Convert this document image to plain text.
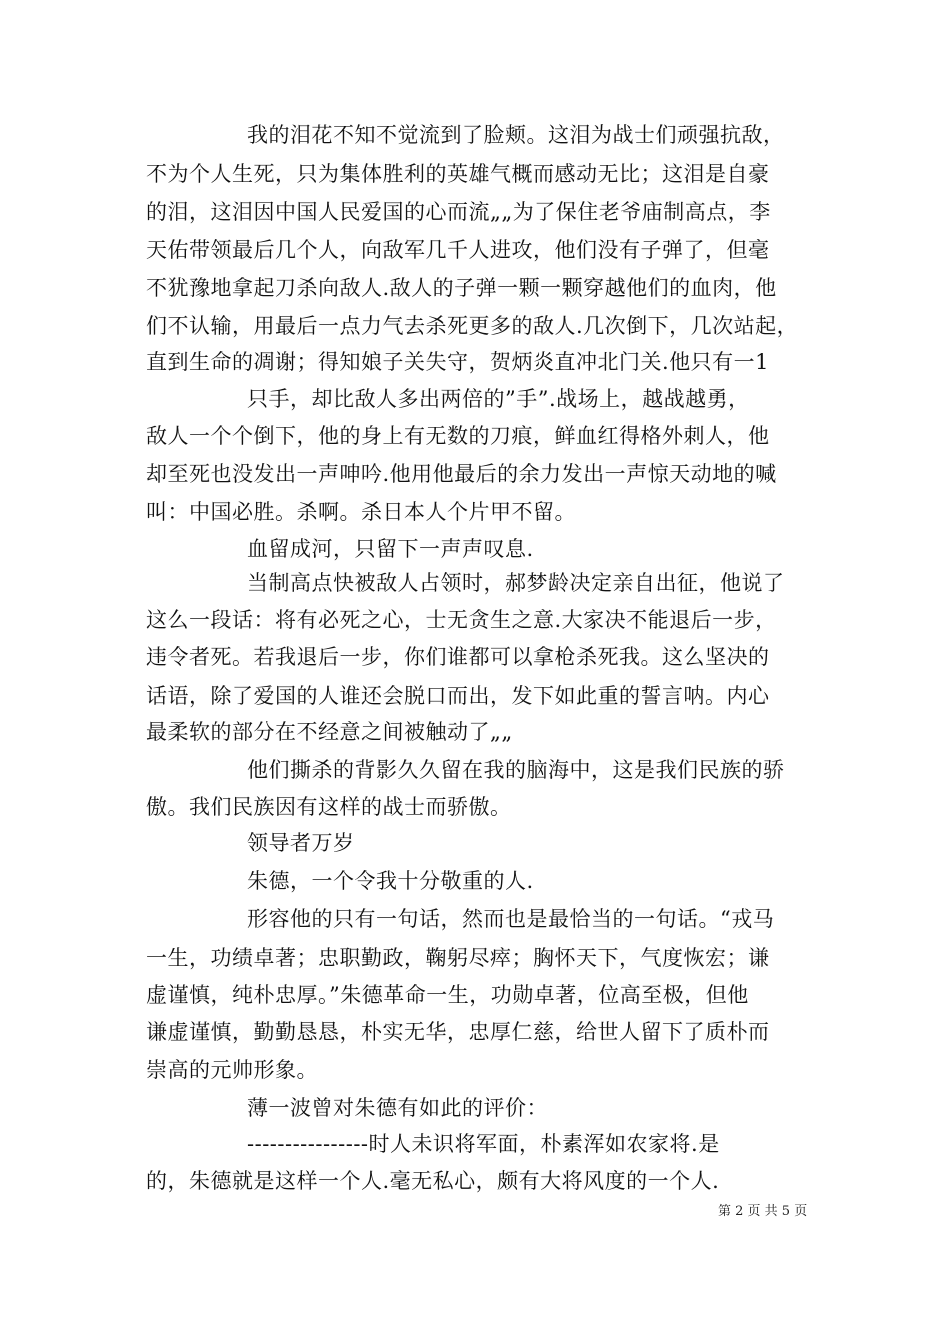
我的泪花不知不觉流到了脸颊。这泪为战士们顽强抗敌，
不为个人生死，只为集体胜利的英雄气概而感动无比；这泪是自豪
的泪，这泪因中国人民爱国的心而流„„为了保住老爷庙制高点，李
天佑带领最后几个人，向敌军几千人进攻，他们没有子弹了，但毫
不犹豫地拿起刀杀向敌人.敌人的子弹一颗一颗穿越他们的血肉，他
们不认输，用最后一点力气去杀死更多的敌人.几次倒下，几次站起，
直到生命的凋谢；得知娘子关失守，贺炳炎直冲北门关.他只有一1
只手，却比敌人多出两倍的”手”.战场上，越战越勇，
敌人一个个倒下，他的身上有无数的刀痕，鲜血红得格外刺人，他
却至死也没发出一声呻吟.他用他最后的余力发出一声惊天动地的喊
叫：中国必胜。杀啊。杀日本人个片甲不留。
血留成河，只留下一声声叹息.
当制高点快被敌人占领时，郝梦龄决定亲自出征，他说了
这么一段话：将有必死之心，士无贪生之意.大家决不能退后一步，
违令者死。若我退后一步，你们谁都可以拿枪杀死我。这么坚决的
话语，除了爱国的人谁还会脱口而出，发下如此重的誓言呐。内心
最柔软的部分在不经意之间被触动了„„
他们撕杀的背影久久留在我的脑海中，这是我们民族的骄
傲。我们民族因有这样的战士而骄傲。
领导者万岁
朱德，一个令我十分敬重的人.
形容他的只有一句话，然而也是最恰当的一句话。“戎马
一生，功绩卓著；忠职勤政，鞠躬尽瘁；胸怀天下，气度恢宏；谦
虚谨慎，纯朴忠厚。”朱德革命一生，功勋卓著，位高至极，但他
谦虚谨慎，勤勤恳恳，朴实无华，忠厚仁慈，给世人留下了质朴而
崇高的元帅形象。
薄一波曾对朱德有如此的评价：
----------------时人未识将军面，朴素浑如农家将.是
的，朱德就是这样一个人.毫无私心，颇有大将风度的一个人.
第 2 页 共 5 页
